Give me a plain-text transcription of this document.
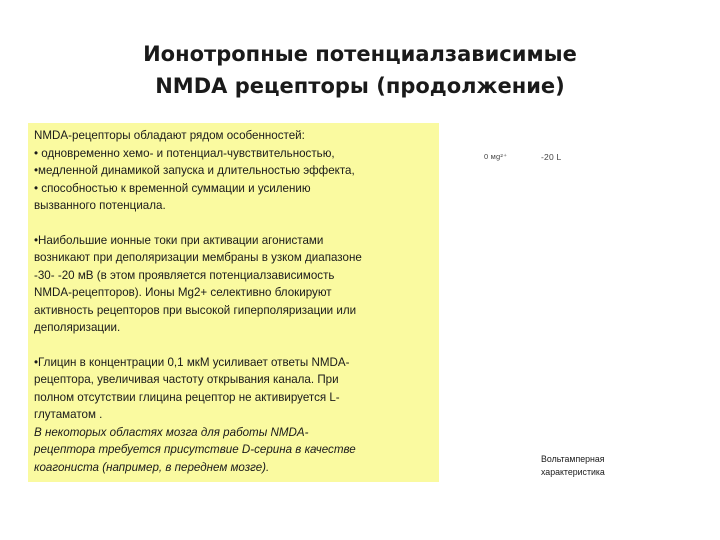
Ионотропные потенциалзависимые
NMDA рецепторы (продолжение)

NMDA-рецепторы обладают рядом особенностей:
• одновременно хемо- и потенциал-чувствительностью,
•медленной динамикой запуска и длительностью эффекта,
• способностью к временной суммации и усилению
вызванного потенциала.

•Наибольшие ионные токи при активации агонистами
возникают при деполяризации мембраны в узком диапазоне
-30- -20 мВ (в этом проявляется потенциалзависимость
NMDA-рецепторов). Ионы Mg2+ селективно блокируют
активность рецепторов при высокой гиперполяризации или
деполяризации.

•Глицин в концентрации 0,1 мкМ усиливает ответы NMDA-
рецептора, увеличивая частоту открывания канала. При
полном отсутствии глицина рецептор не активируется L-
глутаматом .
В некоторых областях мозга для работы NMDA-
рецептора требуется присутствие D-серина в качестве
коагониста (например, в переднем мозге).

0 мg²⁺	-20 L
Вольтамперная
характеристика
